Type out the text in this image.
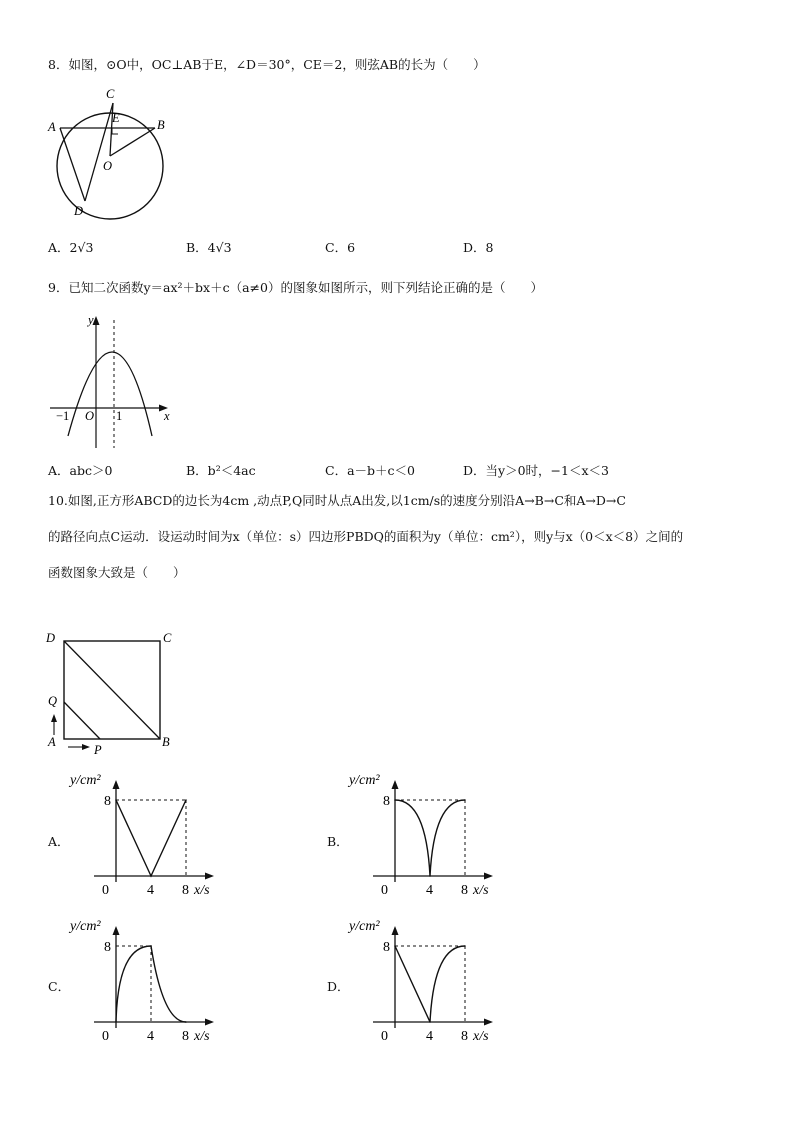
8．如图，⊙O中，OC⊥AB于E，∠D＝30°，CE＝2，则弦AB的长为（　　）
A	B
C
D
E
O
A．2√3	B．4√3	C．6	D．8
9．已知二次函数y＝ax²＋bx＋c（a≠0）的图象如图所示，则下列结论正确的是（　　）
y
x
−1 O 1
A．abc＞0	B．b²＜4ac	C．a－b＋c＜0	D．当y＞0时，−1＜x＜3
10.如图,正方形ABCD的边长为4cm ,动点P,Q同时从点A出发,以1cm/s的速度分别沿A→B→C和A→D→C
的路径向点C运动．设运动时间为x（单位：s）四边形PBDQ的面积为y（单位：cm²），则y与x（0＜x＜8）之间的
函数图象大致是（　　）
D	C
A	B
Q
P
A．	B．
C．	D．
y/cm²
8
0	4 8 x/s
y/cm²
8
0	4 8 x/s
y/cm²
8
0	4 8 x/s
y/cm²
8
0	4 8 x/s
